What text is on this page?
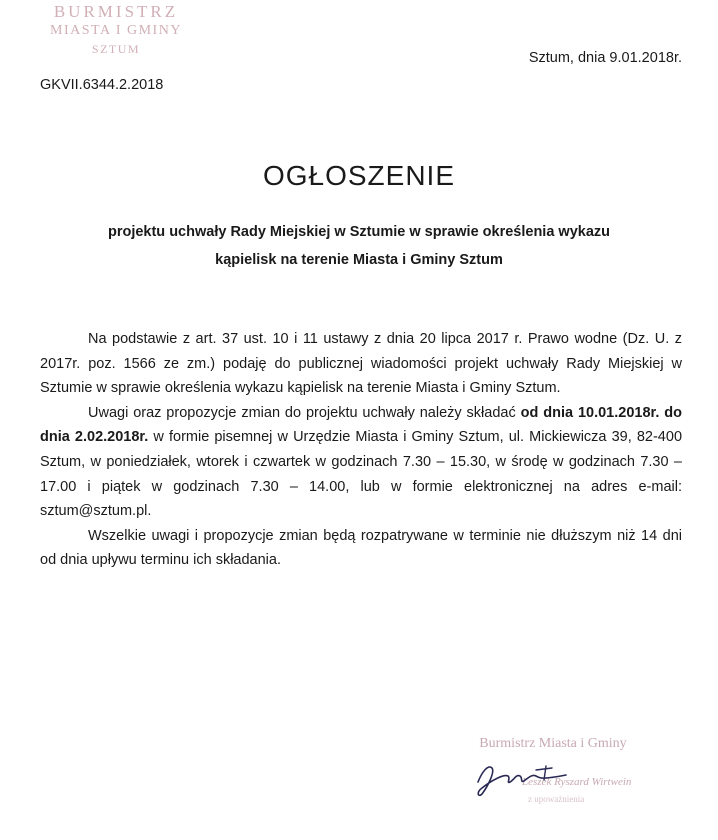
BURMISTRZ
MIASTA I GMINY
SZTUM
Sztum, dnia 9.01.2018r.
GKVII.6344.2.2018
OGŁOSZENIE
projektu uchwały Rady Miejskiej w Sztumie w sprawie określenia wykazu
kąpielisk na terenie Miasta i Gminy Sztum

Na podstawie z art. 37 ust. 10 i 11 ustawy z dnia 20 lipca 2017 r. Prawo wodne (Dz. U. z 2017r. poz. 1566 ze zm.) podaję do publicznej wiadomości projekt uchwały Rady Miejskiej w Sztumie w sprawie określenia wykazu kąpielisk na terenie Miasta i Gminy Sztum.

Uwagi oraz propozycje zmian do projektu uchwały należy składać od dnia 10.01.2018r. do dnia 2.02.2018r. w formie pisemnej w Urzędzie Miasta i Gminy Sztum, ul. Mickiewicza 39, 82-400 Sztum, w poniedziałek, wtorek i czwartek w godzinach 7.30 – 15.30, w środę w godzinach 7.30 – 17.00 i piątek w godzinach 7.30 – 14.00, lub w formie elektronicznej na adres e-mail: sztum@sztum.pl.

Wszelkie uwagi i propozycje zmian będą rozpatrywane w terminie nie dłuższym niż 14 dni od dnia upływu terminu ich składania.

Burmistrz Miasta i Gminy
Leszek Ryszard Wirtwein
z upoważnienia
